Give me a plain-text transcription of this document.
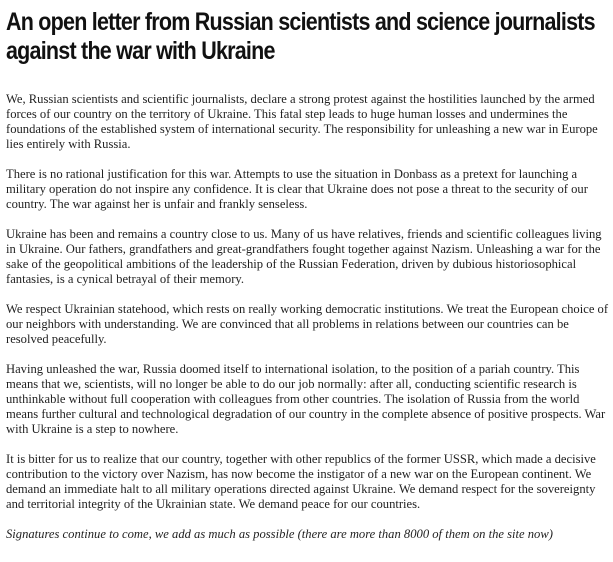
An open letter from Russian scientists and science journalists against the war with Ukraine

We, Russian scientists and scientific journalists, declare a strong protest against the hostilities launched by the armed forces of our country on the territory of Ukraine. This fatal step leads to huge human losses and undermines the foundations of the established system of international security. The responsibility for unleashing a new war in Europe lies entirely with Russia.

There is no rational justification for this war. Attempts to use the situation in Donbass as a pretext for launching a military operation do not inspire any confidence. It is clear that Ukraine does not pose a threat to the security of our country. The war against her is unfair and frankly senseless.

Ukraine has been and remains a country close to us. Many of us have relatives, friends and scientific colleagues living in Ukraine. Our fathers, grandfathers and great-grandfathers fought together against Nazism. Unleashing a war for the sake of the geopolitical ambitions of the leadership of the Russian Federation, driven by dubious historiosophical fantasies, is a cynical betrayal of their memory.

We respect Ukrainian statehood, which rests on really working democratic institutions. We treat the European choice of our neighbors with understanding. We are convinced that all problems in relations between our countries can be resolved peacefully.

Having unleashed the war, Russia doomed itself to international isolation, to the position of a pariah country. This means that we, scientists, will no longer be able to do our job normally: after all, conducting scientific research is unthinkable without full cooperation with colleagues from other countries. The isolation of Russia from the world means further cultural and technological degradation of our country in the complete absence of positive prospects. War with Ukraine is a step to nowhere.

It is bitter for us to realize that our country, together with other republics of the former USSR, which made a decisive contribution to the victory over Nazism, has now become the instigator of a new war on the European continent. We demand an immediate halt to all military operations directed against Ukraine. We demand respect for the sovereignty and territorial integrity of the Ukrainian state. We demand peace for our countries.

Signatures continue to come, we add as much as possible (there are more than 8000 of them on the site now)
